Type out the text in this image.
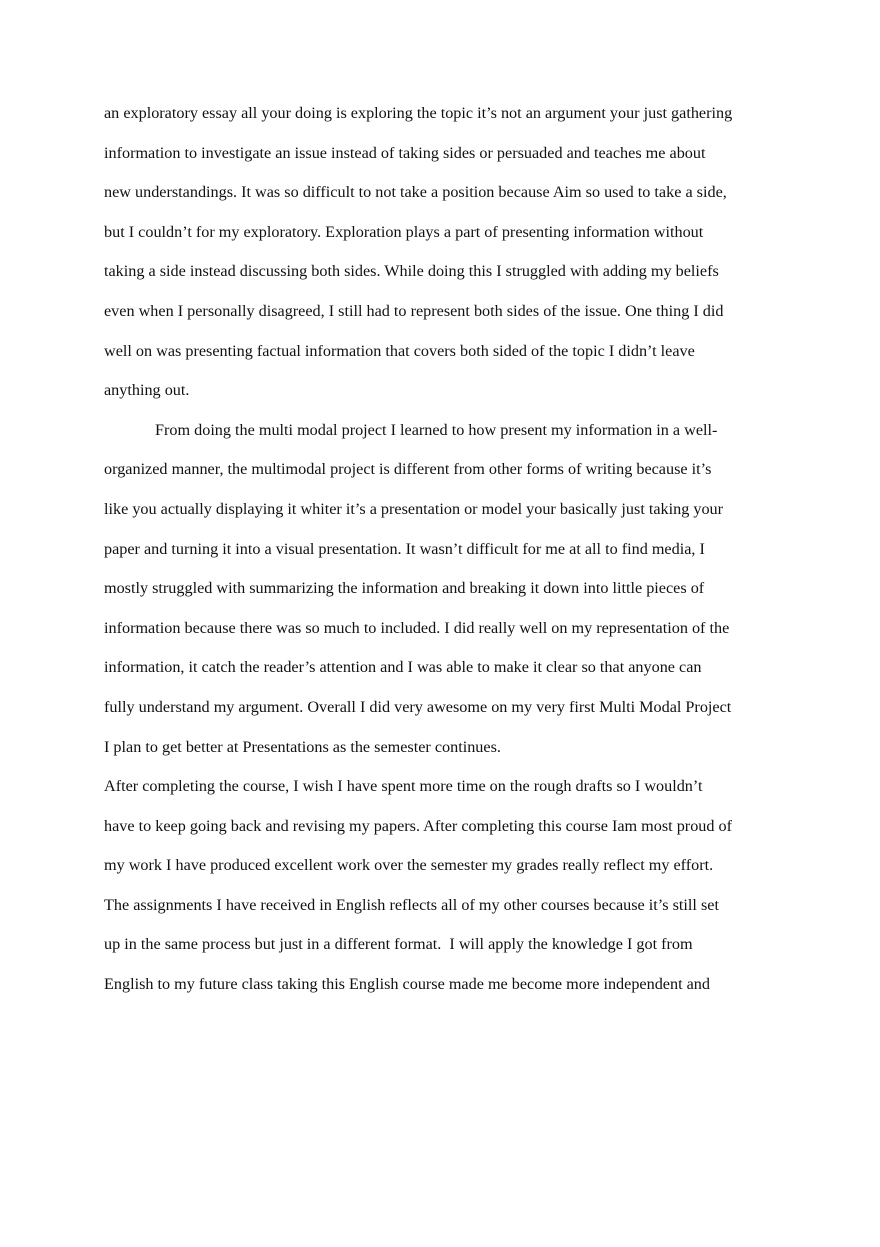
an exploratory essay all your doing is exploring the topic it’s not an argument your just gathering
information to investigate an issue instead of taking sides or persuaded and teaches me about
new understandings. It was so difficult to not take a position because Aim so used to take a side,
but I couldn’t for my exploratory. Exploration plays a part of presenting information without
taking a side instead discussing both sides. While doing this I struggled with adding my beliefs
even when I personally disagreed, I still had to represent both sides of the issue. One thing I did
well on was presenting factual information that covers both sided of the topic I didn’t leave
anything out.
From doing the multi modal project I learned to how present my information in a well-
organized manner, the multimodal project is different from other forms of writing because it’s
like you actually displaying it whiter it’s a presentation or model your basically just taking your
paper and turning it into a visual presentation. It wasn’t difficult for me at all to find media, I
mostly struggled with summarizing the information and breaking it down into little pieces of
information because there was so much to included. I did really well on my representation of the
information, it catch the reader’s attention and I was able to make it clear so that anyone can
fully understand my argument. Overall I did very awesome on my very first Multi Modal Project
I plan to get better at Presentations as the semester continues.
After completing the course, I wish I have spent more time on the rough drafts so I wouldn’t
have to keep going back and revising my papers. After completing this course Iam most proud of
my work I have produced excellent work over the semester my grades really reflect my effort.
The assignments I have received in English reflects all of my other courses because it’s still set
up in the same process but just in a different format.  I will apply the knowledge I got from
English to my future class taking this English course made me become more independent and
